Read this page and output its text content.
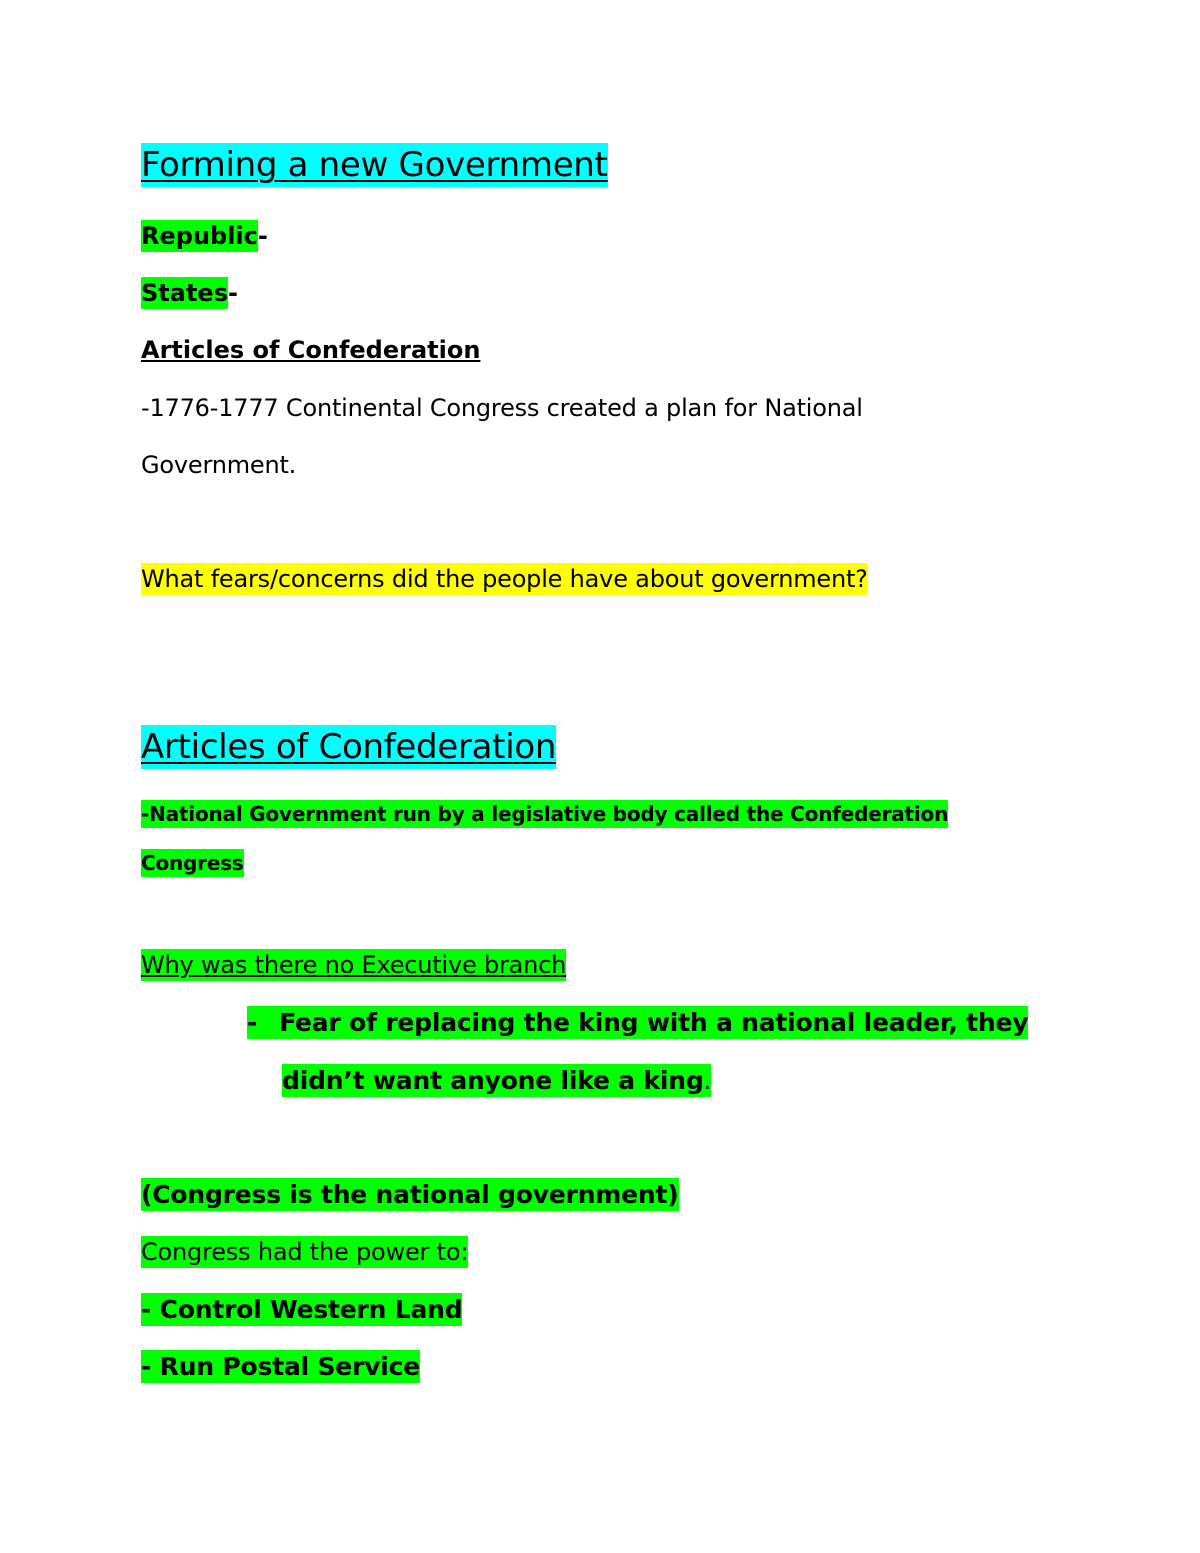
Forming a new Government
Republic-
States-
Articles of Confederation
-1776-1777 Continental Congress created a plan for National
Government.
What fears/concerns did the people have about government?
Articles of Confederation
-National Government run by a legislative body called the Confederation
Congress
Why was there no Executive branch
- Fear of replacing the king with a national leader, they
didn’t want anyone like a king.
(Congress is the national government)
Congress had the power to:
- Control Western Land
- Run Postal Service
